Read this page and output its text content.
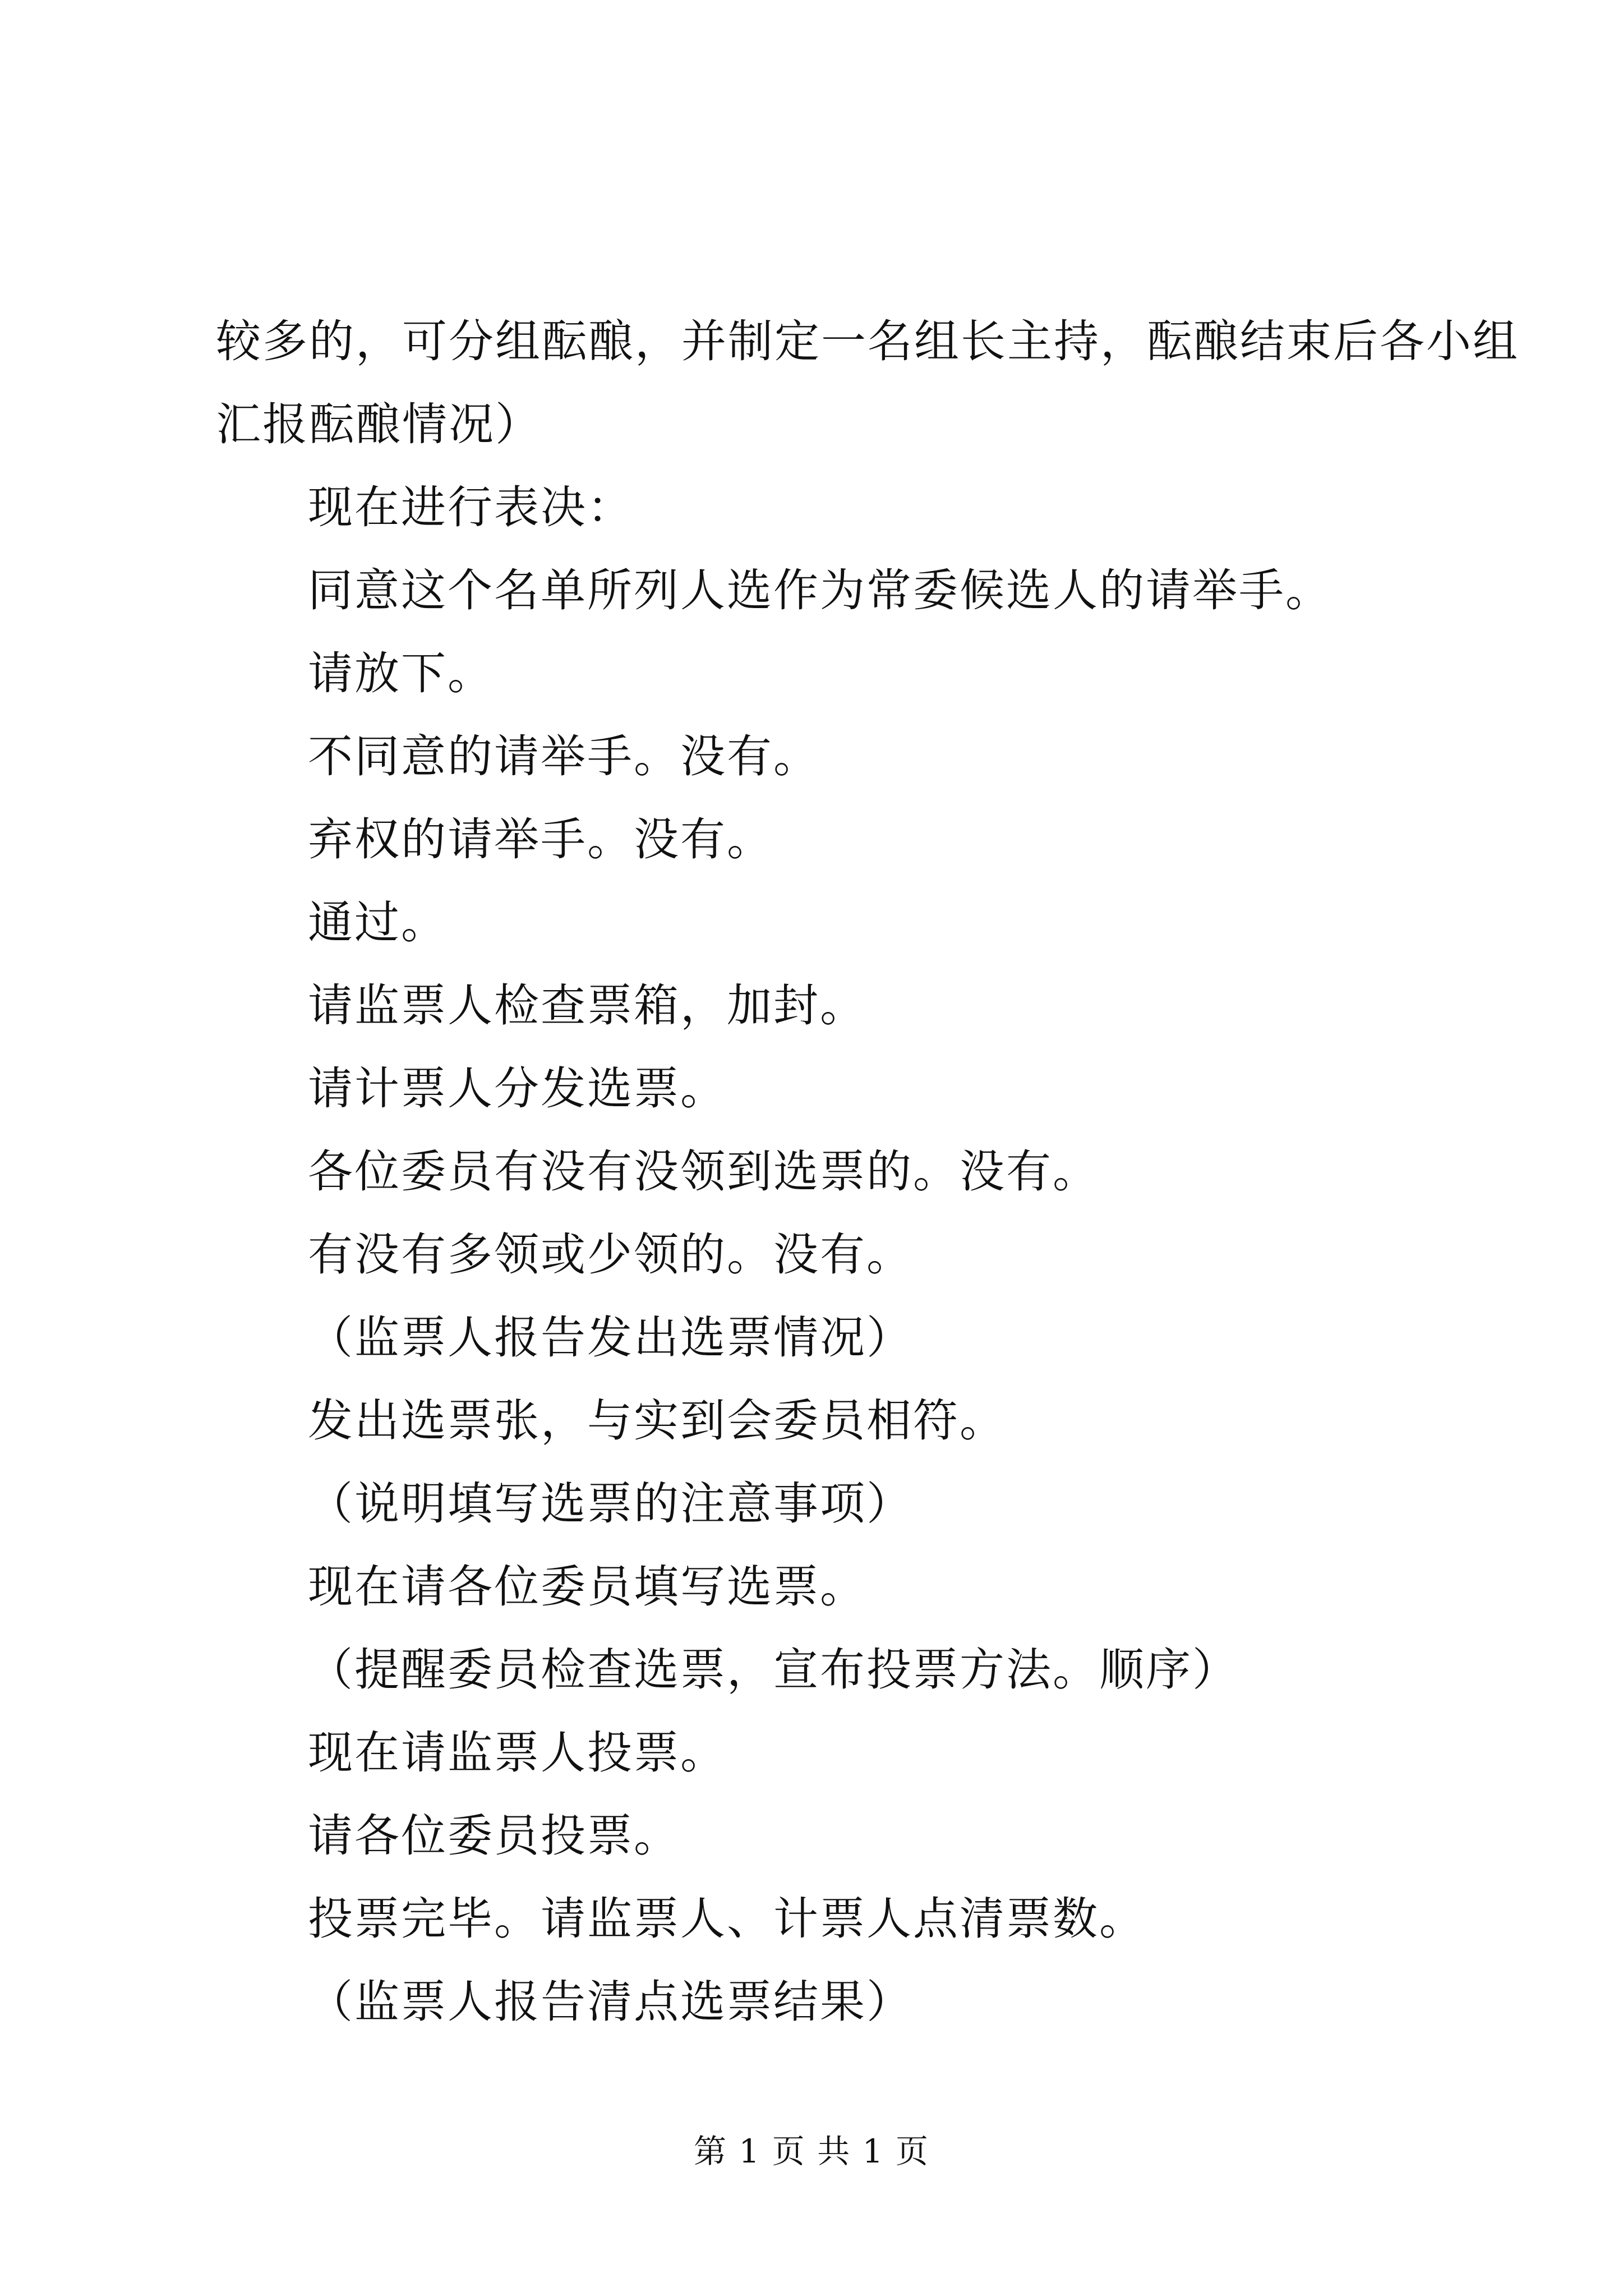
较多的，可分组酝酿，并制定一名组长主持，酝酿结束后各小组
汇报酝酿情况）
现在进行表决：
同意这个名单所列人选作为常委候选人的请举手。
请放下。
不同意的请举手。没有。
弃权的请举手。没有。
通过。
请监票人检查票箱，加封。
请计票人分发选票。
各位委员有没有没领到选票的。没有。
有没有多领或少领的。没有。
（监票人报告发出选票情况）
发出选票张，与实到会委员相符。
（说明填写选票的注意事项）
现在请各位委员填写选票。
（提醒委员检查选票，宣布投票方法。顺序）
现在请监票人投票。
请各位委员投票。
投票完毕。请监票人、计票人点清票数。
（监票人报告清点选票结果）
第 1 页 共 1 页
